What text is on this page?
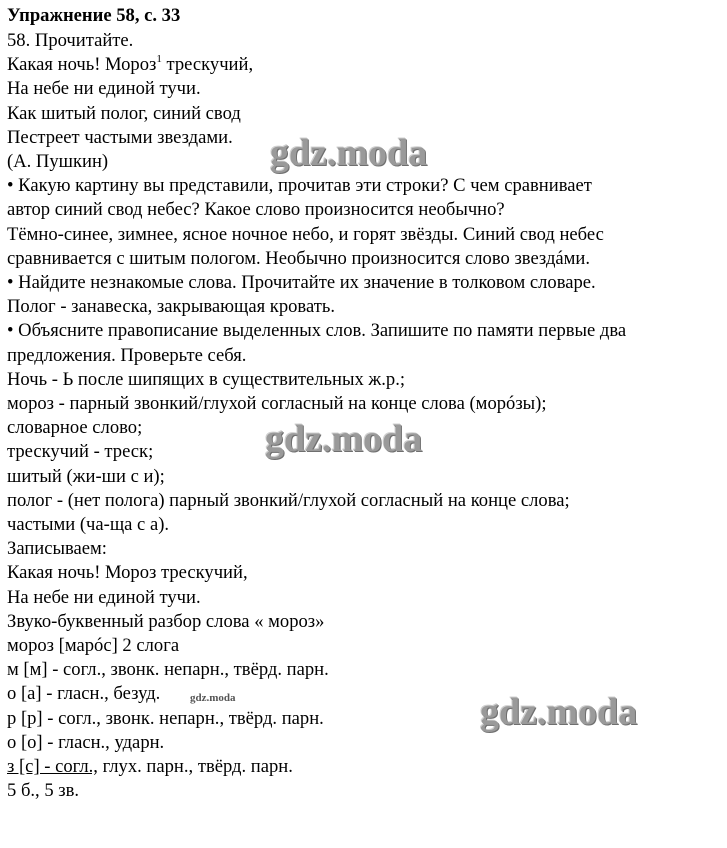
Упражнение 58, с. 33
58. Прочитайте.
Какая ночь! Мороз$^1$ трескучий,
На небе ни единой тучи.
Как шитый полог, синий свод
Пестреет частыми звездами.
(А. Пушкин)
• Какую картину вы представили, прочитав эти строки? С чем сравнивает
автор синий свод небес? Какое слово произносится необычно?
Тёмно-синее, зимнее, ясное ночное небо, и горят звёзды. Синий свод небес
сравнивается с шитым пологом. Необычно произносится слово звездáми.
• Найдите незнакомые слова. Прочитайте их значение в толковом словаре.
Полог - занавеска, закрывающая кровать.
• Объясните правописание выделенных слов. Запишите по памяти первые два
предложения. Проверьте себя.
Ночь - Ь после шипящих в существительных ж.р.;
мороз - парный звонкий/глухой согласный на конце слова (морóзы);
словарное слово;
трескучий - треск;
шитый (жи-ши с и);
полог - (нет полога) парный звонкий/глухой согласный на конце слова;
частыми (ча-ща с а).
Записываем:
Какая ночь! Мороз трескучий,
На небе ни единой тучи.
Звуко-буквенный разбор слова « мороз»
мороз [марóс] 2 слога
м [м] - согл., звонк. непарн., твёрд. парн.
о [а] - гласн., безуд.
р [р] - согл., звонк. непарн., твёрд. парн.
о [о] - гласн., ударн.
з [с] - согл., глух. парн., твёрд. парн.
5 б., 5 зв.
gdz.moda
gdz.moda
gdz.moda
gdz.moda
